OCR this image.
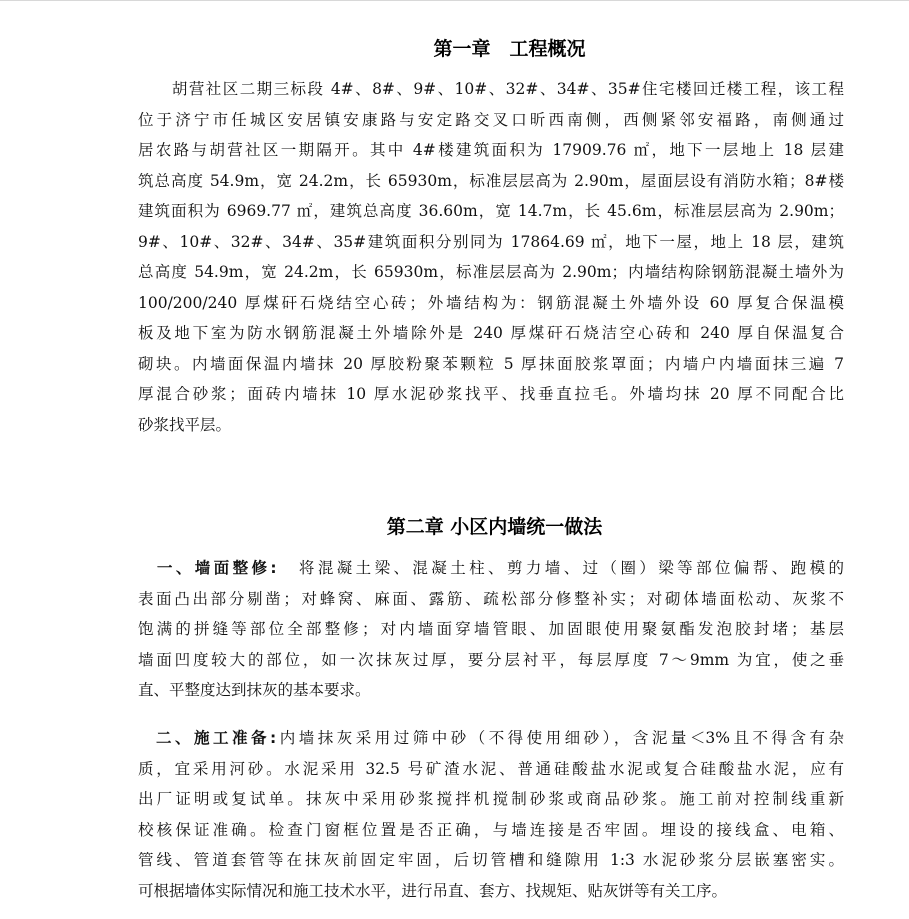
第一章　工程概况
　　胡营社区二期三标段 4#、8#、9#、10#、32#、34#、35#住宅楼回迁楼工程，该工程
位于济宁市任城区安居镇安康路与安定路交叉口昕西南侧，西侧紧邻安福路，南侧通过
居农路与胡营社区一期隔开。其中 4#楼建筑面积为 17909.76 ㎡，地下一层地上 18 层建
筑总高度 54.9m，宽 24.2m，长 65930m，标准层层高为 2.90m，屋面层设有消防水箱；8#楼
建筑面积为 6969.77 ㎡，建筑总高度 36.60m，宽 14.7m，长 45.6m，标准层层高为 2.90m；
9#、10#、32#、34#、35#建筑面积分别同为 17864.69 ㎡，地下一屋，地上 18 层，建筑
总高度 54.9m，宽 24.2m，长 65930m，标准层层高为 2.90m；内墙结构除钢筋混凝土墙外为
100/200/240 厚煤矸石烧结空心砖；外墙结构为：钢筋混凝土外墙外设 60 厚复合保温模
板及地下室为防水钢筋混凝土外墙除外是 240 厚煤矸石烧洁空心砖和 240 厚自保温复合
砌块。内墙面保温内墙抹 20 厚胶粉聚苯颗粒 5 厚抹面胶浆罩面；内墙户内墙面抹三遍 7
厚混合砂浆；面砖内墙抹 10 厚水泥砂浆找平、找垂直拉毛。外墙均抹 20 厚不同配合比
砂浆找平层。
第二章 小区内墙统一做法
　一、墙面整修:　将混凝土梁、混凝土柱、剪力墙、过（圈）梁等部位偏帮、跑模的
表面凸出部分剔凿；对蜂窝、麻面、露筋、疏松部分修整补实；对砌体墙面松动、灰浆不
饱满的拼缝等部位全部整修；对内墙面穿墙管眼、加固眼使用聚氨酯发泡胶封堵；基层
墙面凹度较大的部位，如一次抹灰过厚，要分层衬平，每层厚度 7～9mm 为宜，使之垂
直、平整度达到抹灰的基本要求。
二、施工准备:内墙抹灰采用过筛中砂（不得使用细砂），含泥量＜3%且不得含有杂
质，宜采用河砂。水泥采用 32.5 号矿渣水泥、普通硅酸盐水泥或复合硅酸盐水泥，应有
出厂证明或复试单。抹灰中采用砂浆搅拌机搅制砂浆或商品砂浆。施工前对控制线重新
校核保证准确。检查门窗框位置是否正确，与墙连接是否牢固。埋设的接线盒、电箱、
管线、管道套管等在抹灰前固定牢固，后切管槽和缝隙用 1:3 水泥砂浆分层嵌塞密实。
可根据墙体实际情况和施工技术水平，进行吊直、套方、找规矩、贴灰饼等有关工序。
